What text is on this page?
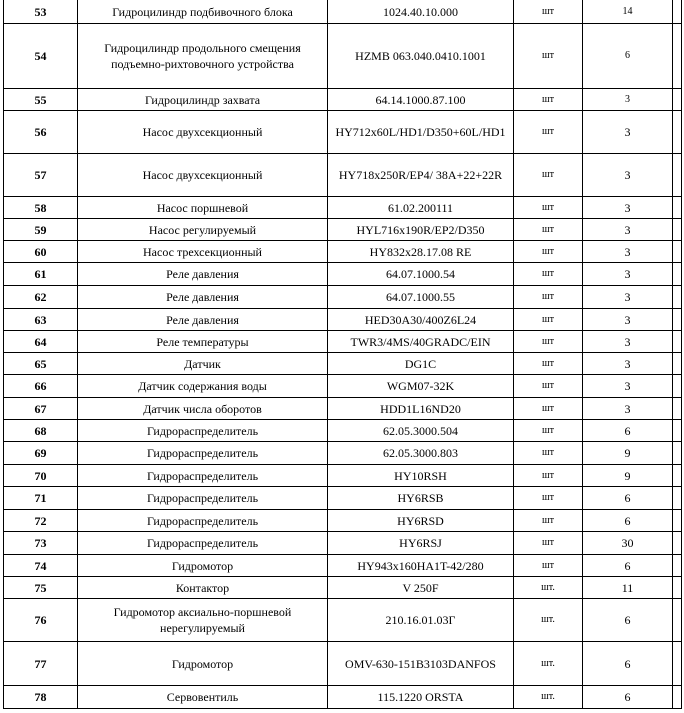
53	Гидроцилиндр подбивочного блока	1024.40.10.000	шт	14	
54	Гидроцилиндр продольного смещения подъемно-рихтовочного устройства	HZMB 063.040.0410.1001	шт	6	
55	Гидроцилиндр захвата	64.14.1000.87.100	шт	3	
56	Насос двухсекционный	HY712x60L/HD1/D350+60L/HD1	шт	3	
57	Насос двухсекционный	HY718x250R/EP4/ 38A+22+22R	шт	3	
58	Насос поршневой	61.02.200111	шт	3	
59	Насос регулируемый	HYL716x190R/EP2/D350	шт	3	
60	Насос трехсекционный	HY832x28.17.08 RE	шт	3	
61	Реле давления	64.07.1000.54	шт	3	
62	Реле давления	64.07.1000.55	шт	3	
63	Реле давления	HED30A30/400Z6L24	шт	3	
64	Реле температуры	TWR3/4MS/40GRADC/EIN	шт	3	
65	Датчик	DG1C	шт	3	
66	Датчик содержания воды	WGM07-32K	шт	3	
67	Датчик числа оборотов	HDD1L16ND20	шт	3	
68	Гидрораспределитель	62.05.3000.504	шт	6	
69	Гидрораспределитель	62.05.3000.803	шт	9	
70	Гидрораспределитель	HY10RSH	шт	9	
71	Гидрораспределитель	HY6RSB	шт	6	
72	Гидрораспределитель	HY6RSD	шт	6	
73	Гидрораспределитель	HY6RSJ	шт	30	
74	Гидромотор	HY943x160HA1T-42/280	шт	6	
75	Контактор	V 250F	шт.	11	
76	Гидромотор аксиально-поршневой нерегулируемый	210.16.01.03Г	шт.	6	
77	Гидромотор	OMV-630-151B3103DANFOS	шт.	6	
78	Сервовентиль	115.1220 ORSTA	шт.	6	
